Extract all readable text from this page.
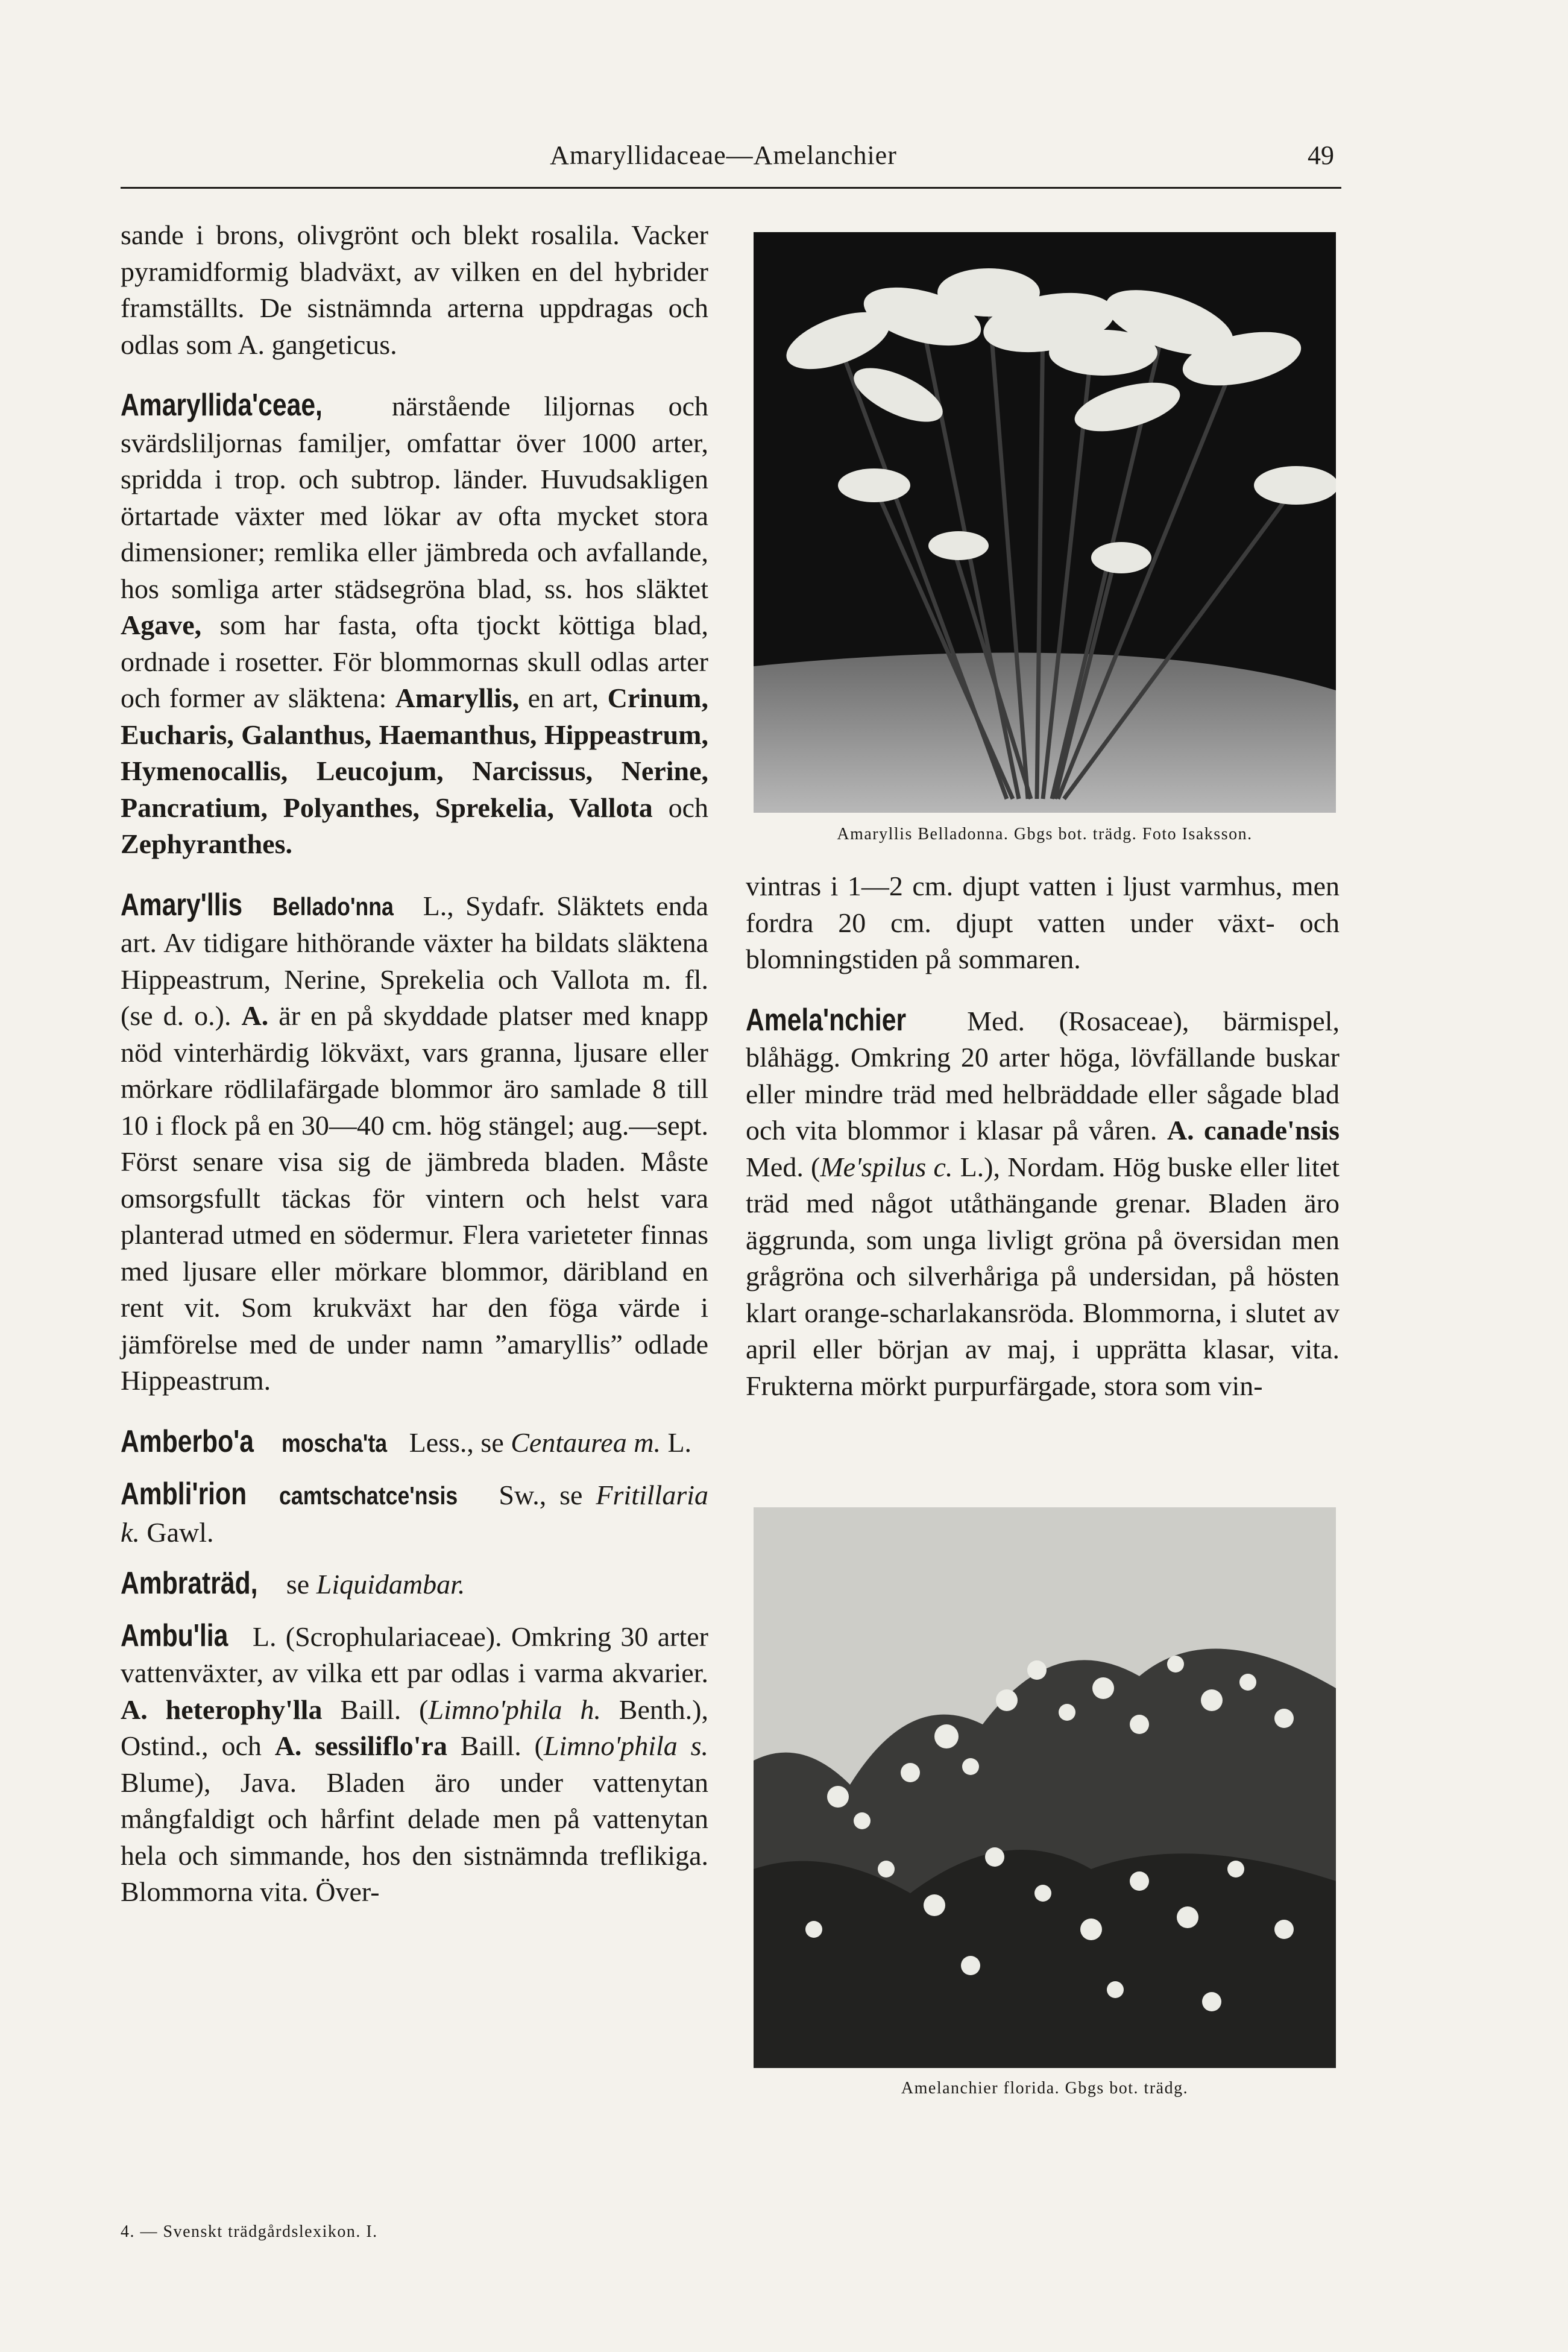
Amaryllidaceae—Amelanchier	49

sande i brons, olivgrönt och blekt rosalila. Vacker pyramidformig bladväxt, av vilken en del hybrider framställts. De sistnämnda arterna uppdragas och odlas som A. gangeticus.

Amaryllida'ceae, närstående liljornas och svärdsliljornas familjer, omfattar över 1000 arter, spridda i trop. och subtrop. länder. Huvudsakligen örtartade växter med lökar av ofta mycket stora dimensioner; remlika eller jämbreda och avfallande, hos somliga arter städsegröna blad, ss. hos släktet Agave, som har fasta, ofta tjockt köttiga blad, ordnade i rosetter. För blommornas skull odlas arter och former av släktena: Amaryllis, en art, Crinum, Eucharis, Galanthus, Haemanthus, Hippeastrum, Hymenocallis, Leucojum, Narcissus, Nerine, Pancratium, Polyanthes, Sprekelia, Vallota och Zephyranthes.

Amary'llis Bellado'nna L., Sydafr. Släktets enda art. Av tidigare hithörande växter ha bildats släktena Hippeastrum, Nerine, Sprekelia och Vallota m. fl. (se d. o.). A. är en på skyddade platser med knapp nöd vinterhärdig lökväxt, vars granna, ljusare eller mörkare rödlilafärgade blommor äro samlade 8 till 10 i flock på en 30—40 cm. hög stängel; aug.—sept. Först senare visa sig de jämbreda bladen. Måste omsorgsfullt täckas för vintern och helst vara planterad utmed en södermur. Flera varieteter finnas med ljusare eller mörkare blommor, däribland en rent vit. Som krukväxt har den föga värde i jämförelse med de under namn ”amaryllis” odlade Hippeastrum.

Amberbo'a moscha'ta Less., se Centaurea m. L.

Ambli'rion camtschatce'nsis Sw., se Fritillaria k. Gawl.

Ambraträd, se Liquidambar.

Ambu'lia L. (Scrophulariaceae). Omkring 30 arter vattenväxter, av vilka ett par odlas i varma akvarier. A. heterophy'lla Baill. (Limno'phila h. Benth.), Ostind., och A. sessiliflo'ra Baill. (Limno'phila s. Blume), Java. Bladen äro under vattenytan mångfaldigt och hårfint delade men på vattenytan hela och simmande, hos den sistnämnda treflikiga. Blommorna vita. Över-

Amaryllis Belladonna. Gbgs bot. trädg. Foto Isaksson.

vintras i 1—2 cm. djupt vatten i ljust varmhus, men fordra 20 cm. djupt vatten under växt- och blomningstiden på sommaren.

Amela'nchier Med. (Rosaceae), bärmispel, blåhägg. Omkring 20 arter höga, lövfällande buskar eller mindre träd med helbräddade eller sågade blad och vita blommor i klasar på våren. A. canade'nsis Med. (Me'spilus c. L.), Nordam. Hög buske eller litet träd med något utåthängande grenar. Bladen äro äggrunda, som unga livligt gröna på översidan men grågröna och silverhåriga på undersidan, på hösten klart orange-scharlakansröda. Blommorna, i slutet av april eller början av maj, i upprätta klasar, vita. Frukterna mörkt purpurfärgade, stora som vin-

Amelanchier florida. Gbgs bot. trädg.
4. — Svenskt trädgårdslexikon. I.
